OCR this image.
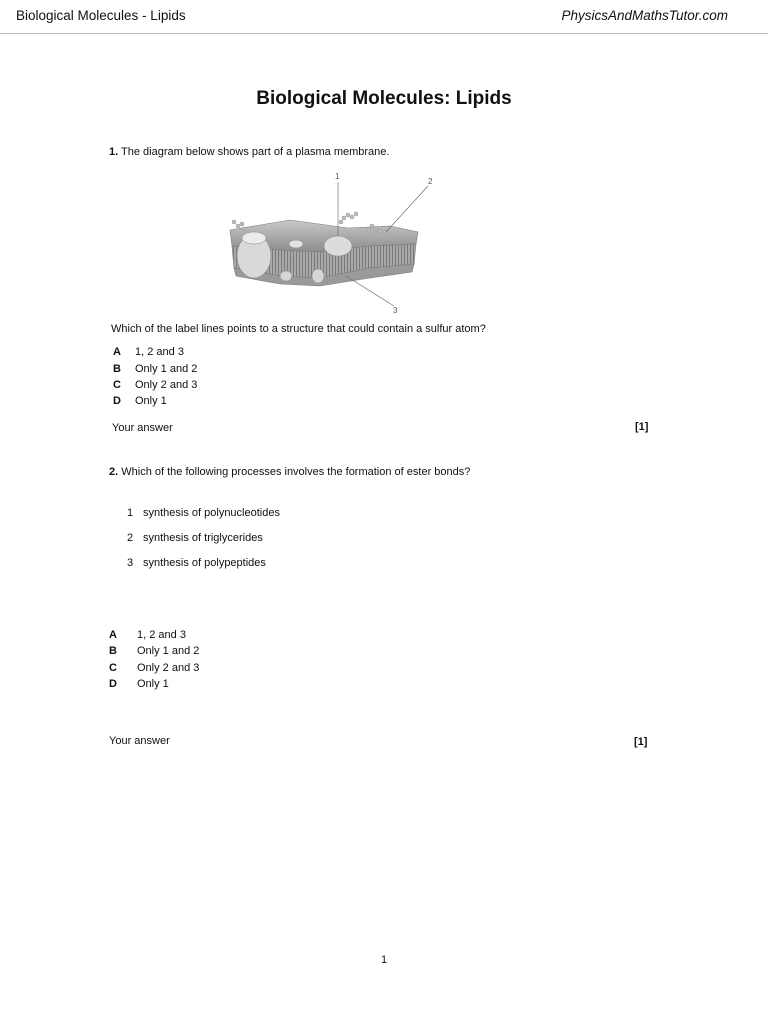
Biological Molecules - Lipids	PhysicsAndMathsTutor.com
Biological Molecules: Lipids
1. The diagram below shows part of a plasma membrane.
1
2
3
Which of the label lines points to a structure that could contain a sulfur atom?
A 1, 2 and 3
B Only 1 and 2
C Only 2 and 3
D Only 1
Your answer	[1]
2. Which of the following processes involves the formation of ester bonds?
1 synthesis of polynucleotides
2 synthesis of triglycerides
3 synthesis of polypeptides
A 1, 2 and 3
B Only 1 and 2
C Only 2 and 3
D Only 1
Your answer	[1]
1
